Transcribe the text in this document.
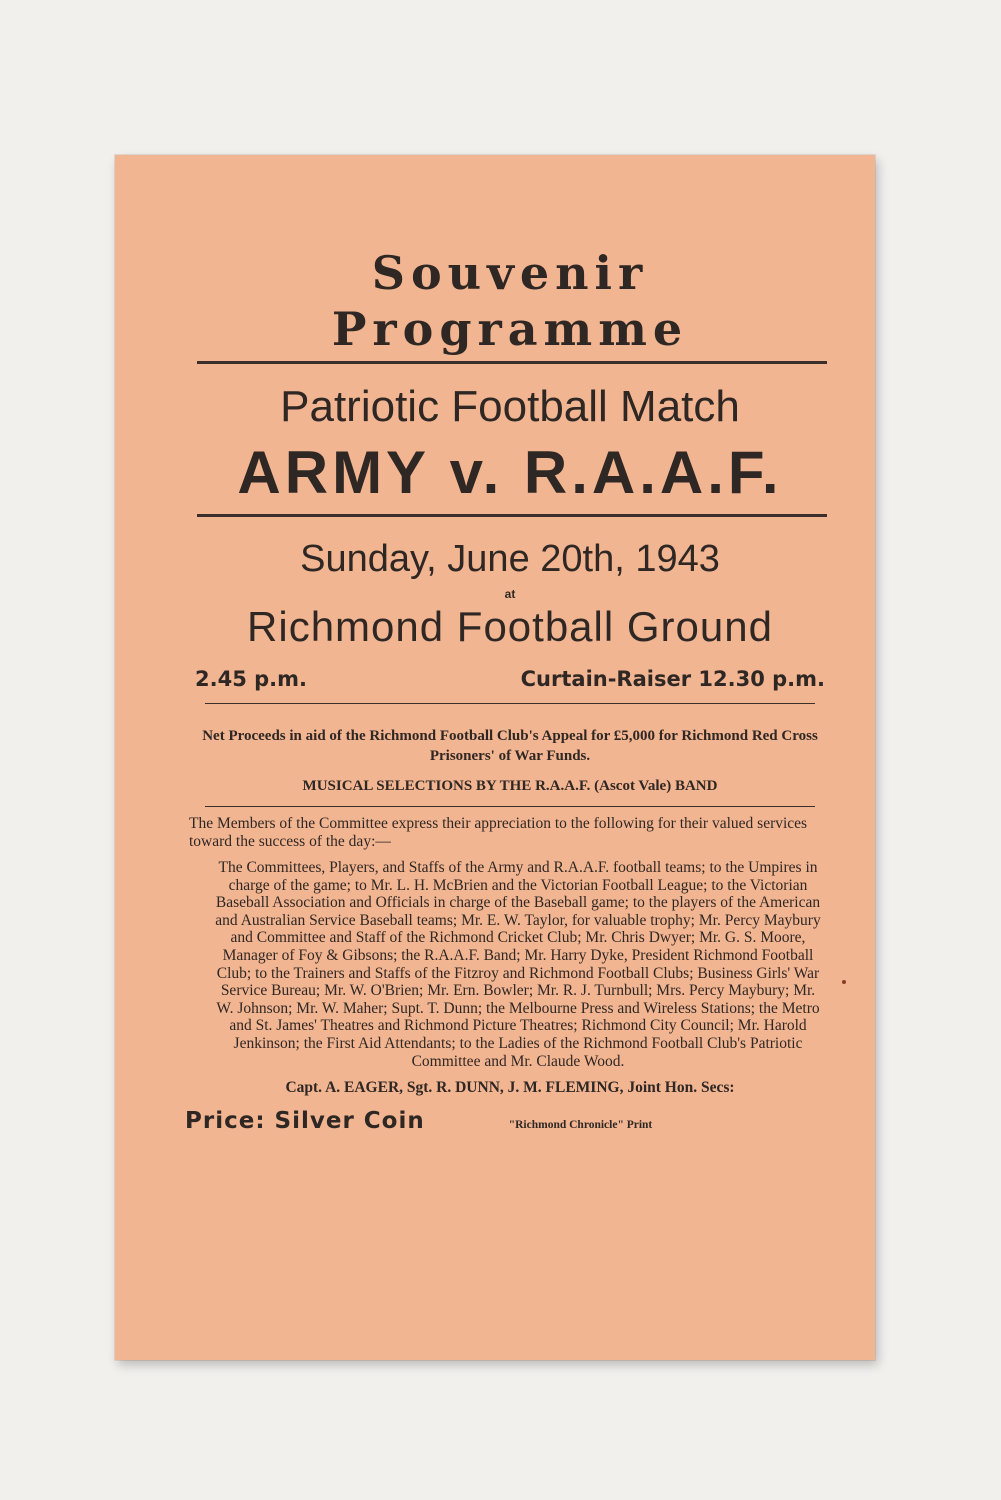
Souvenir Programme
Patriotic Football Match
ARMY v. R.A.A.F.
Sunday, June 20th, 1943
at
Richmond Football Ground
2.45 p.m.	Curtain-Raiser 12.30 p.m.
Net Proceeds in aid of the Richmond Football Club's Appeal for £5,000 for Richmond Red Cross Prisoners' of War Funds.
MUSICAL SELECTIONS BY THE R.A.A.F. (Ascot Vale) BAND
The Members of the Committee express their appreciation to the following for their valued services toward the success of the day:—
The Committees, Players, and Staffs of the Army and R.A.A.F. football teams; to the Umpires in charge of the game; to Mr. L. H. McBrien and the Victorian Football League; to the Victorian Baseball Association and Officials in charge of the Baseball game; to the players of the American and Australian Service Baseball teams; Mr. E. W. Taylor, for valuable trophy; Mr. Percy Maybury and Committee and Staff of the Richmond Cricket Club; Mr. Chris Dwyer; Mr. G. S. Moore, Manager of Foy & Gibsons; the R.A.A.F. Band; Mr. Harry Dyke, President Richmond Football Club; to the Trainers and Staffs of the Fitzroy and Richmond Football Clubs; Business Girls' War Service Bureau; Mr. W. O'Brien; Mr. Ern. Bowler; Mr. R. J. Turnbull; Mrs. Percy Maybury; Mr. W. Johnson; Mr. W. Maher; Supt. T. Dunn; the Melbourne Press and Wireless Stations; the Metro and St. James' Theatres and Richmond Picture Theatres; Richmond City Council; Mr. Harold Jenkinson; the First Aid Attendants; to the Ladies of the Richmond Football Club's Patriotic Committee and Mr. Claude Wood.
Capt. A. EAGER, Sgt. R. DUNN, J. M. FLEMING, Joint Hon. Secs:
Price: Silver Coin	"Richmond Chronicle" Print
